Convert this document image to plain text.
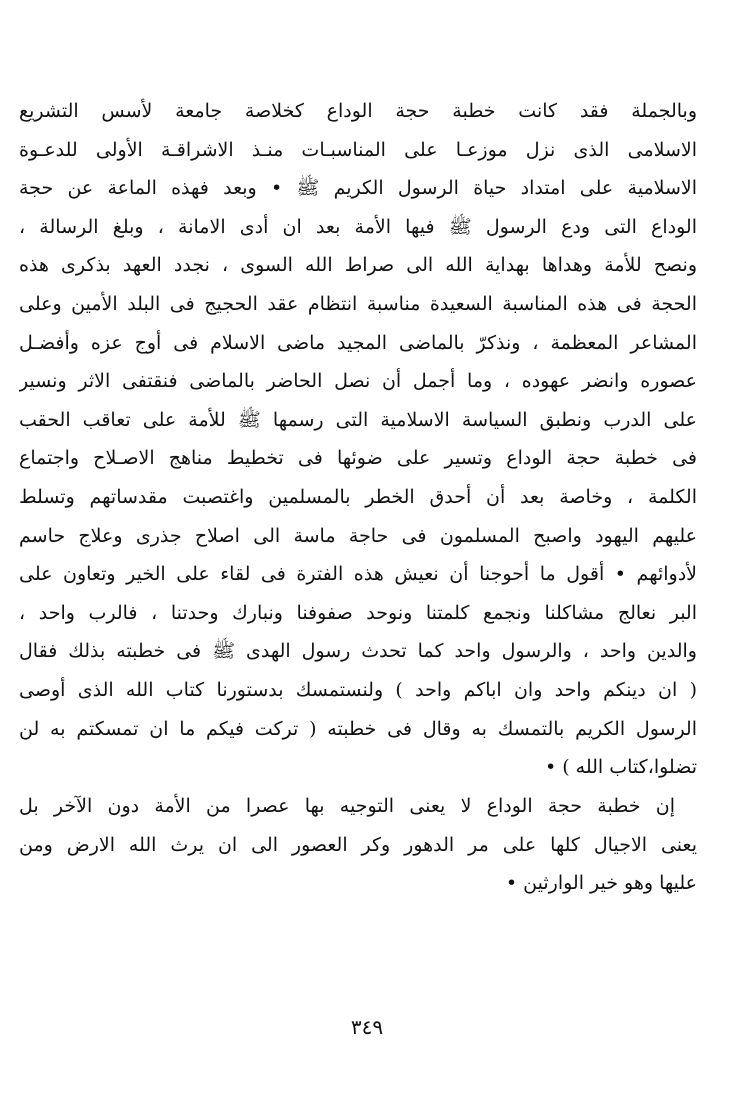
وبالجملة فقد كانت خطبة حجة الوداع كخلاصة جامعة لأسس التشريع
الاسلامى الذى نزل موزعـا على المناسبـات منـذ الاشراقـة الأولى للدعـوة
الاسلامية على امتداد حياة الرسول الكريم ﷺ • وبعد فهذه الماعة عن حجة
الوداع التى ودع الرسول ﷺ فيها الأمة بعد ان أدى الامانة ، وبلغ الرسالة ،
ونصح للأمة وهداها بهداية الله الى صراط الله السوى ، نجدد العهد بذكرى هذه
الحجة فى هذه المناسبة السعيدة مناسبة انتظام عقد الحجيج فى البلد الأمين وعلى
المشاعر المعظمة ، ونذكرّ بالماضى المجيد ماضى الاسلام فى أوج عزه وأفضـل
عصوره وانضر عهوده ، وما أجمل أن نصل الحاضر بالماضى فنقتفى الاثر ونسير
على الدرب ونطبق السياسة الاسلامية التى رسمها ﷺ للأمة على تعاقب الحقب
فى خطبة حجة الوداع وتسير على ضوئها فى تخطيط مناهج الاصـلاح واجتماع
الكلمة ، وخاصة بعد أن أحدق الخطر بالمسلمين واغتصبت مقدساتهم وتسلط
عليهم اليهود واصبح المسلمون فى حاجة ماسة الى اصلاح جذرى وعلاج حاسم
لأدوائهم • أقول ما أحوجنا أن نعيش هذه الفترة فى لقاء على الخير وتعاون على
البر نعالج مشاكلنا ونجمع كلمتنا ونوحد صفوفنا ونبارك وحدتنا ، فالرب واحد ،
والدين واحد ، والرسول واحد كما تحدث رسول الهدى ﷺ فى خطبته بذلك فقال
( ان دينكم واحد وان اباكم واحد ) ولنستمسك بدستورنا كتاب الله الذى أوصى
الرسول الكريم بالتمسك به وقال فى خطبته ( تركت فيكم ما ان تمسكتم به لن
تضلوا،كتاب الله ) •
إن خطبة حجة الوداع لا يعنى التوجيه بها عصرا من الأمة دون الآخر بل
يعنى الاجيال كلها على مر الدهور وكر العصور الى ان يرث الله الارض ومن
عليها وهو خير الوارثين •
٣٤٩
